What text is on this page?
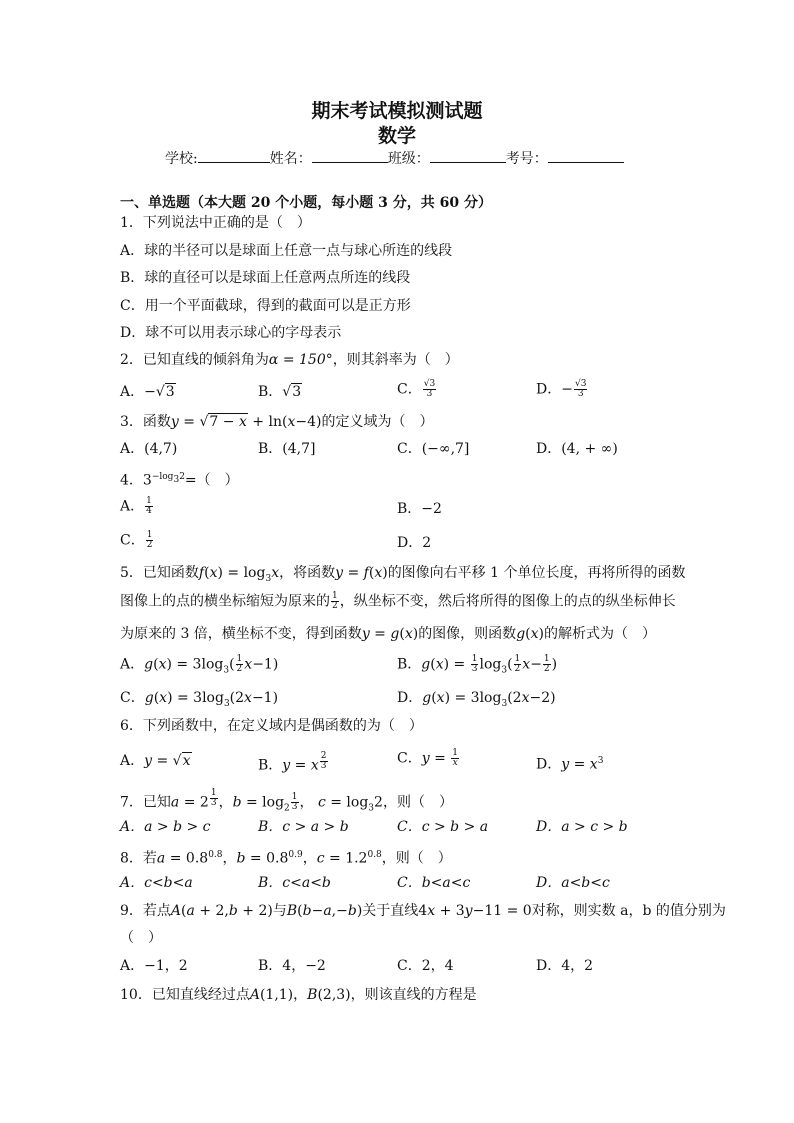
期末考试模拟测试题
数学
学校:	姓名：	班级：	考号：
一、单选题（本大题 20 个小题，每小题 3 分，共 60 分）
1．下列说法中正确的是（　）
A．球的半径可以是球面上任意一点与球心所连的线段
B．球的直径可以是球面上任意两点所连的线段
C．用一个平面截球，得到的截面可以是正方形
D．球不可以用表示球心的字母表示
2．已知直线的倾斜角为α = 150°，则其斜率为（　）
A．−√3	B．√3	C． $\frac{√3}{3}$	D．− $\frac{√3}{3}$
3．函数y = √7 − x + ln(x−4)的定义域为（　）
A．(4,7)	B．(4,7]	C．(−∞,7]	D．(4, + ∞)
4．$3^{-log_32}=$（　）
A． $\frac{1}{4}$	B．−2
C． $\frac{1}{2}$	D．2
5．已知函数$f(x) = \log_3x$，将函数y = f(x)的图像向右平移 1 个单位长度，再将所得的函数
图像上的点的横坐标缩短为原来的 $\frac{1}{2}$ ，纵坐标不变，然后将所得的图像上的点的纵坐标伸长
为原来的 3 倍，横坐标不变，得到函数y = g(x)的图像，则函数g(x)的解析式为（　）
A．$g(x) = 3\log_3( \frac{1}{2} x-1)$	B．$g(x) = \frac{1}{3} \log_3( \frac{1}{2} x- \frac{1}{2}$ )
C．$g(x) = 3\log_3(2x-1)$	D．$g(x) = 3\log_3(2x-2)$
6．下列函数中，在定义域内是偶函数的为（　）
A．y = √x	B．y = x $^{\frac{2}{3}}$	C．$y = \frac{1}{x}$	D．$y = x^3$
7．已知a = 2 $^{\frac{1}{3}}$ ，$b = \log_2 \frac{1}{3}$ ， $c = \log_32$，则（　）
A．a > b > c	B．c > a > b	C．c > b > a	D．a > c > b
8．若$a = 0.8^{0.8}$，$b = 0.8^{0.9}$，$c = 1.2^{0.8}$，则（　）
A．c<b<a	B．c<a<b	C．b<a<c	D．a<b<c
9．若点A(a + 2,b + 2)与B(b−a,−b)关于直线4x + 3y−11 = 0对称，则实数 a，b 的值分别为
（　）
A．−1，2	B．4，−2	C．2，4	D．4，2
10．已知直线经过点A(1,1)，B(2,3)，则该直线的方程是
